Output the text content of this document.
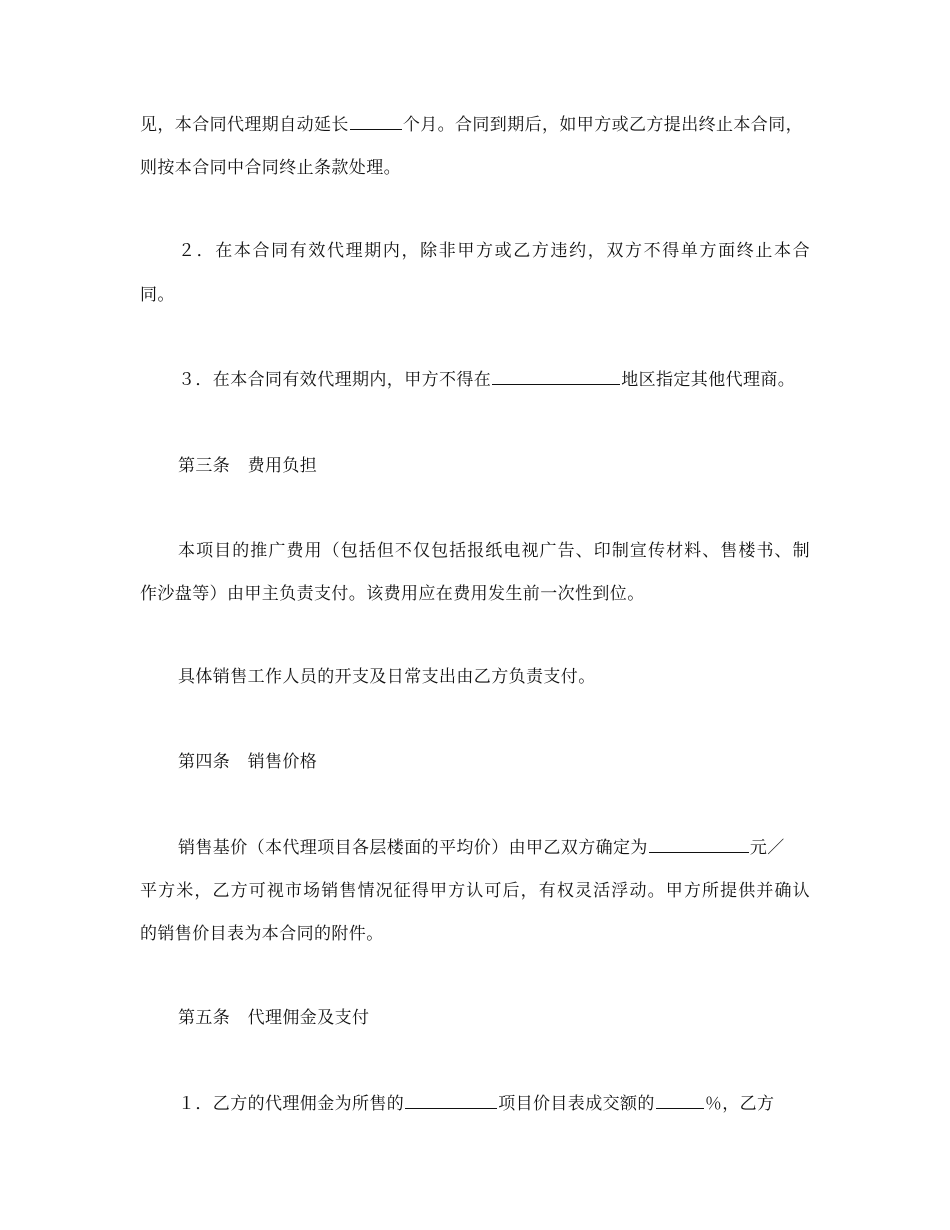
见，本合同代理期自动延长	个月。合同到期后，如甲方或乙方提出终止本合同，
则按本合同中合同终止条款处理。
２．在本合同有效代理期内，除非甲方或乙方违约，双方不得单方面终止本合
同。
３．在本合同有效代理期内，甲方不得在	地区指定其他代理商。
第三条　费用负担
本项目的推广费用（包括但不仅包括报纸电视广告、印制宣传材料、售楼书、制
作沙盘等）由甲主负责支付。该费用应在费用发生前一次性到位。
具体销售工作人员的开支及日常支出由乙方负责支付。
第四条　销售价格
销售基价（本代理项目各层楼面的平均价）由甲乙双方确定为	元／
平方米，乙方可视市场销售情况征得甲方认可后，有权灵活浮动。甲方所提供并确认
的销售价目表为本合同的附件。
第五条　代理佣金及支付
１．乙方的代理佣金为所售的	项目价目表成交额的	％，乙方
